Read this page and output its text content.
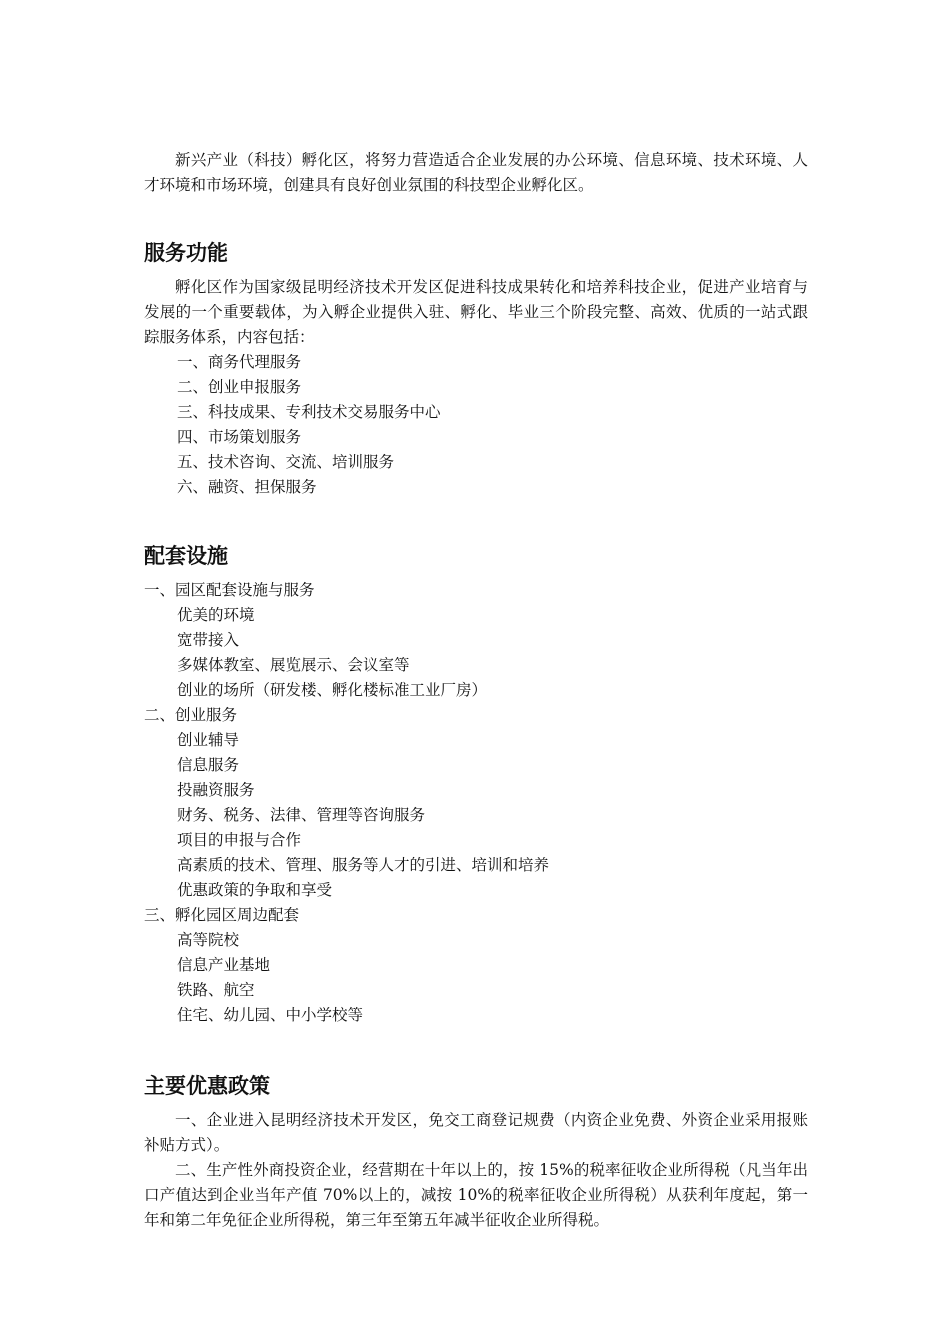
新兴产业（科技）孵化区，将努力营造适合企业发展的办公环境、信息环境、技术环境、人才环境和市场环境，创建具有良好创业氛围的科技型企业孵化区。

服务功能

孵化区作为国家级昆明经济技术开发区促进科技成果转化和培养科技企业，促进产业培育与发展的一个重要载体，为入孵企业提供入驻、孵化、毕业三个阶段完整、高效、优质的一站式跟踪服务体系，内容包括：

一、商务代理服务
二、创业申报服务
三、科技成果、专利技术交易服务中心
四、市场策划服务
五、技术咨询、交流、培训服务
六、融资、担保服务
配套设施
一、园区配套设施与服务
优美的环境
宽带接入
多媒体教室、展览展示、会议室等
创业的场所（研发楼、孵化楼标准工业厂房）
二、创业服务
创业辅导
信息服务
投融资服务
财务、税务、法律、管理等咨询服务
项目的申报与合作
高素质的技术、管理、服务等人才的引进、培训和培养
优惠政策的争取和享受
三、孵化园区周边配套
高等院校
信息产业基地
铁路、航空
住宅、幼儿园、中小学校等
主要优惠政策

一、企业进入昆明经济技术开发区，免交工商登记规费（内资企业免费、外资企业采用报账补贴方式）。

二、生产性外商投资企业，经营期在十年以上的，按 15%的税率征收企业所得税（凡当年出口产值达到企业当年产值 70%以上的，减按 10%的税率征收企业所得税）从获利年度起，第一年和第二年免征企业所得税，第三年至第五年减半征收企业所得税。
